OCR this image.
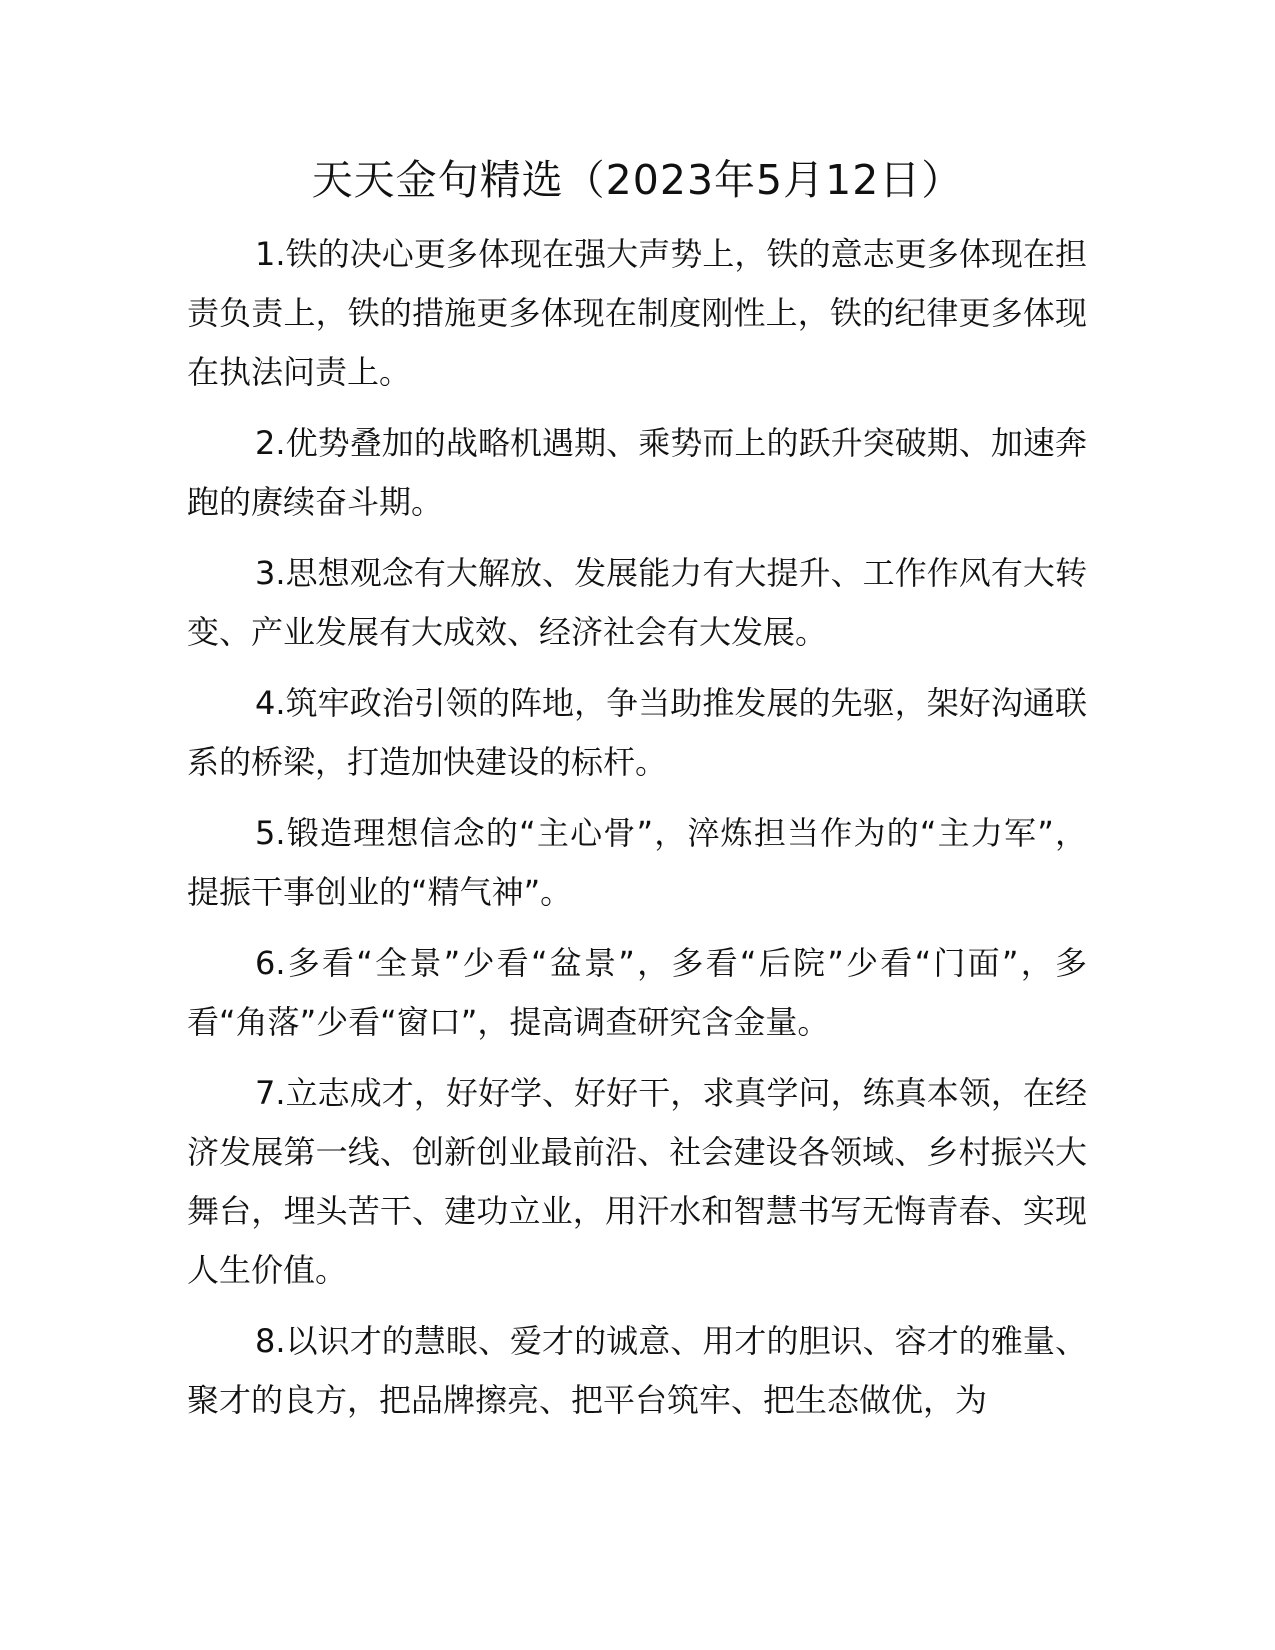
天天金句精选（2023年5月12日）

1.铁的决心更多体现在强大声势上，铁的意志更多体现在担责负责上，铁的措施更多体现在制度刚性上，铁的纪律更多体现在执法问责上。

2.优势叠加的战略机遇期、乘势而上的跃升突破期、加速奔跑的赓续奋斗期。

3.思想观念有大解放、发展能力有大提升、工作作风有大转变、产业发展有大成效、经济社会有大发展。

4.筑牢政治引领的阵地，争当助推发展的先驱，架好沟通联系的桥梁，打造加快建设的标杆。

5.锻造理想信念的“主心骨”，淬炼担当作为的“主力军”，提振干事创业的“精气神”。

6.多看“全景”少看“盆景”，多看“后院”少看“门面”，多看“角落”少看“窗口”，提高调查研究含金量。

7.立志成才，好好学、好好干，求真学问，练真本领，在经济发展第一线、创新创业最前沿、社会建设各领域、乡村振兴大舞台，埋头苦干、建功立业，用汗水和智慧书写无悔青春、实现人生价值。

8.以识才的慧眼、爱才的诚意、用才的胆识、容才的雅量、聚才的良方，把品牌擦亮、把平台筑牢、把生态做优，为
